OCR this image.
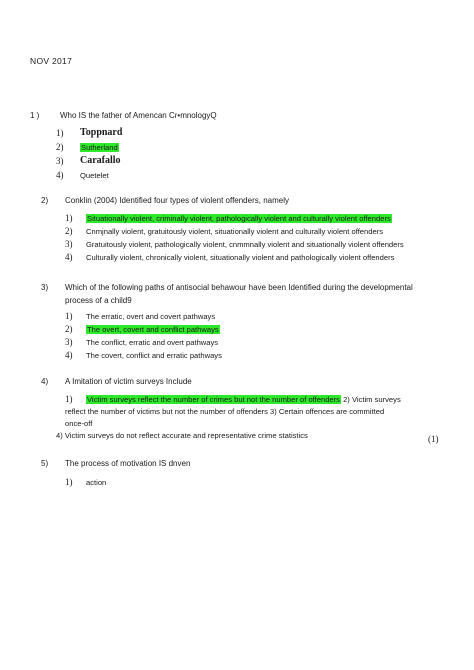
NOV 2017
1 )	Who IS the father of Amencan Cr•mnologyQ
1) Toppnard
2) Sutherland
3) Carafallo
4) Quetelet
2) Conklin (2004) Identified four types of violent offenders, namely
1) Situationally violent, criminally violent, pathologically violent and culturally violent offenders
2) Cnmjnally violent, gratuitously violent, situationally violent and culturally violent offenders
3) Gratuitously violent, pathologically violent, cnmmnally violent and situationally violent offenders
4) Culturally violent, chronically violent, situationally violent and pathologically violent offenders
3) Which of the following paths of antisocial behawour have been Identified during the developmental
process of a child9
1) The erratic, overt and covert pathways
2) The overt, covert and conflict pathways
3) The conflict, erratic and overt pathways
4) The covert, conflict and erratic pathways
4) A Imitation of victim surveys Include
1) Victim surveys reflect the number of crimes but not the number of offenders 2) Victim surveys
reflect the number of victims but not the number of offenders 3) Certain offences are committed
once-off
4) Victim surveys do not reflect accurate and representative crime statistics	(1)
5) The process of motivation IS dnven
1) action
